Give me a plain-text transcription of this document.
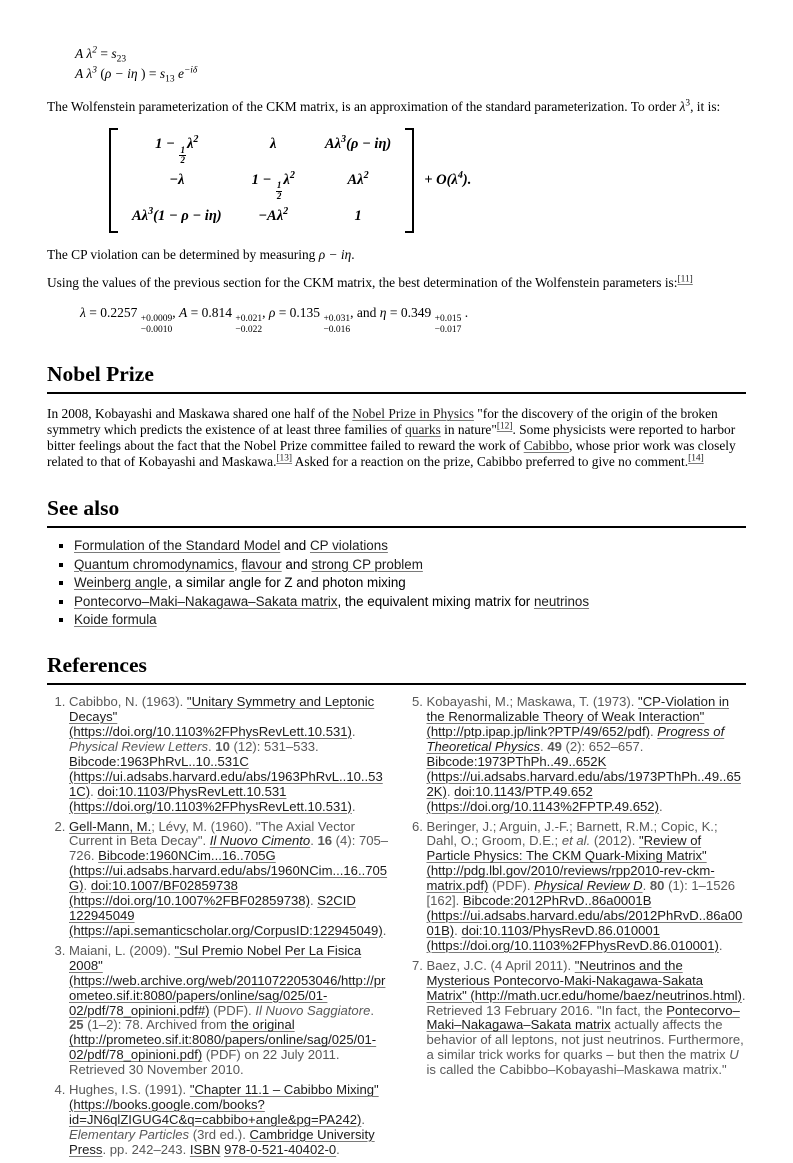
A $\lambda^2 = s_{23}$
A $\lambda^3$ (ρ − iη ) = $s_{13}$ $e^{-i\delta}$

The Wolfenstein parameterization of the CKM matrix, is an approximation of the standard parameterization. To order $\lambda^3$, it is:

1 −
$\frac{1}{2}$
$\lambda^2$	λ	$A\lambda^3(\rho - i\eta)$
−λ	1 −
$\frac{1}{2}$
$\lambda^2$	$A\lambda^2$
$A\lambda^3(1 - \rho - i\eta)$	$-A\lambda^2$	1
+ $O(\lambda^4)$.

The CP violation can be determined by measuring ρ − iη.

Using the values of the previous section for the CKM matrix, the best determination of the Wolfenstein parameters is:[11]

λ = 0.2257 +0.0009
−0.0010
, A = 0.814 +0.021
−0.022
, ρ = 0.135 +0.031
−0.016
, and η = 0.349 +0.015
−0.017
.
Nobel Prize

In 2008, Kobayashi and Maskawa shared one half of the Nobel Prize in Physics "for the discovery of the origin of the broken symmetry which predicts the existence of at least three families of quarks in nature"[12]. Some physicists were reported to harbor bitter feelings about the fact that the Nobel Prize committee failed to reward the work of Cabibbo, whose prior work was closely related to that of Kobayashi and Maskawa.[13] Asked for a reaction on the prize, Cabibbo preferred to give no comment.[14]

See also
▪ Formulation of the Standard Model and CP violations
▪ Quantum chromodynamics, flavour and strong CP problem
▪ Weinberg angle, a similar angle for Z and photon mixing
▪ Pontecorvo–Maki–Nakagawa–Sakata matrix, the equivalent mixing matrix for neutrinos
▪ Koide formula
References
1. Cabibbo, N. (1963). "Unitary Symmetry and Leptonic Decays" (https://doi.org/10.1103%2FPhysRevLett.10.531). Physical Review Letters. 10 (12): 531–533. Bibcode:1963PhRvL..10..531C (https://ui.adsabs.harvard.edu/abs/1963PhRvL..10..531C). doi:10.1103/PhysRevLett.10.531 (https://doi.org/10.1103%2FPhysRevLett.10.531).
2. Gell-Mann, M.; Lévy, M. (1960). "The Axial Vector Current in Beta Decay". Il Nuovo Cimento. 16 (4): 705–726. Bibcode:1960NCim...16..705G (https://ui.adsabs.harvard.edu/abs/1960NCim...16..705G). doi:10.1007/BF02859738 (https://doi.org/10.1007%2FBF02859738). S2CID 122945049 (https://api.semanticscholar.org/CorpusID:122945049).
3. Maiani, L. (2009). "Sul Premio Nobel Per La Fisica 2008" (https://web.archive.org/web/20110722053046/http://prometeo.sif.it:8080/papers/online/sag/025/01-02/pdf/78_opinioni.pdf#) (PDF). Il Nuovo Saggiatore. 25 (1–2): 78. Archived from the original (http://prometeo.sif.it:8080/papers/online/sag/025/01-02/pdf/78_opinioni.pdf) (PDF) on 22 July 2011. Retrieved 30 November 2010.
4. Hughes, I.S. (1991). "Chapter 11.1 – Cabibbo Mixing" (https://books.google.com/books?id=JN6qlZIGUG4C&q=cabbibo+angle&pg=PA242). Elementary Particles (3rd ed.). Cambridge University Press. pp. 242–243. ISBN 978-0-521-40402-0.
5. Kobayashi, M.; Maskawa, T. (1973). "CP-Violation in the Renormalizable Theory of Weak Interaction" (http://ptp.ipap.jp/link?PTP/49/652/pdf). Progress of Theoretical Physics. 49 (2): 652–657. Bibcode:1973PThPh..49..652K (https://ui.adsabs.harvard.edu/abs/1973PThPh..49..652K). doi:10.1143/PTP.49.652 (https://doi.org/10.1143%2FPTP.49.652).
6. Beringer, J.; Arguin, J.-F.; Barnett, R.M.; Copic, K.; Dahl, O.; Groom, D.E.; et al. (2012). "Review of Particle Physics: The CKM Quark-Mixing Matrix" (http://pdg.lbl.gov/2010/reviews/rpp2010-rev-ckm-matrix.pdf) (PDF). Physical Review D. 80 (1): 1–1526 [162]. Bibcode:2012PhRvD..86a0001B (https://ui.adsabs.harvard.edu/abs/2012PhRvD..86a0001B). doi:10.1103/PhysRevD.86.010001 (https://doi.org/10.1103%2FPhysRevD.86.010001).
7. Baez, J.C. (4 April 2011). "Neutrinos and the Mysterious Pontecorvo-Maki-Nakagawa-Sakata Matrix" (http://math.ucr.edu/home/baez/neutrinos.html). Retrieved 13 February 2016. "In fact, the Pontecorvo–Maki–Nakagawa–Sakata matrix actually affects the behavior of all leptons, not just neutrinos. Furthermore, a similar trick works for quarks – but then the matrix U is called the Cabibbo–Kobayashi–Maskawa matrix."
